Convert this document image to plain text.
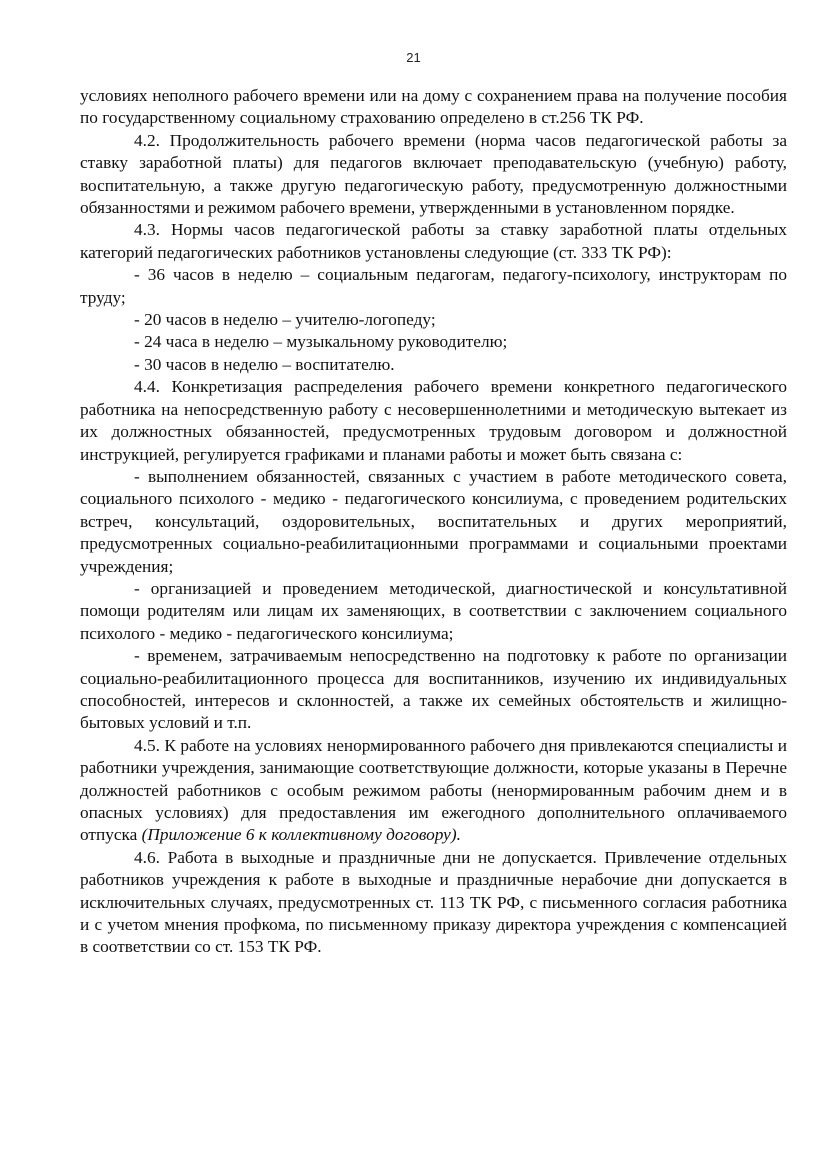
21

условиях неполного рабочего времени или на дому с сохранением права на получение пособия по государственному социальному страхованию определено в ст.256 ТК РФ.

4.2. Продолжительность рабочего времени (норма часов педагогической работы за ставку заработной платы) для педагогов включает преподавательскую (учебную) работу, воспитательную, а также другую педагогическую работу, предусмотренную должностными обязанностями и режимом рабочего времени, утвержденными в установленном порядке.

4.3. Нормы часов педагогической работы за ставку заработной платы отдельных категорий педагогических работников установлены следующие (ст. 333 ТК РФ):

- 36 часов в неделю – социальным педагогам, педагогу-психологу, инструкторам по труду;

- 20 часов в неделю – учителю-логопеду;

- 24 часа в неделю – музыкальному руководителю;

- 30 часов в неделю – воспитателю.

4.4. Конкретизация распределения рабочего времени конкретного педагогического работника на непосредственную работу с несовершеннолетними и методическую вытекает из их должностных обязанностей, предусмотренных трудовым договором и должностной инструкцией, регулируется графиками и планами работы и может быть связана с:

- выполнением обязанностей, связанных с участием в работе методического совета, социального психолого - медико - педагогического консилиума, с проведением родительских встреч, консультаций, оздоровительных, воспитательных и других мероприятий, предусмотренных социально-реабилитационными программами и социальными проектами учреждения;

- организацией и проведением методической, диагностической и консультативной помощи родителям или лицам их заменяющих, в соответствии с заключением социального психолого - медико - педагогического консилиума;

- временем, затрачиваемым непосредственно на подготовку к работе по организации социально-реабилитационного процесса для воспитанников, изучению их индивидуальных способностей, интересов и склонностей, а также их семейных обстоятельств и жилищно-бытовых условий и т.п.

4.5. К работе на условиях ненормированного рабочего дня привлекаются специалисты и работники учреждения, занимающие соответствующие должности, которые указаны в Перечне должностей работников с особым режимом работы (ненормированным рабочим днем и в опасных условиях) для предоставления им ежегодного дополнительного оплачиваемого отпуска (Приложение 6 к коллективному договору).

4.6. Работа в выходные и праздничные дни не допускается. Привлечение отдельных работников учреждения к работе в выходные и праздничные нерабочие дни допускается в исключительных случаях, предусмотренных ст. 113 ТК РФ, с письменного согласия работника и с учетом мнения профкома, по письменному приказу директора учреждения с компенсацией в соответствии со ст. 153 ТК РФ.
